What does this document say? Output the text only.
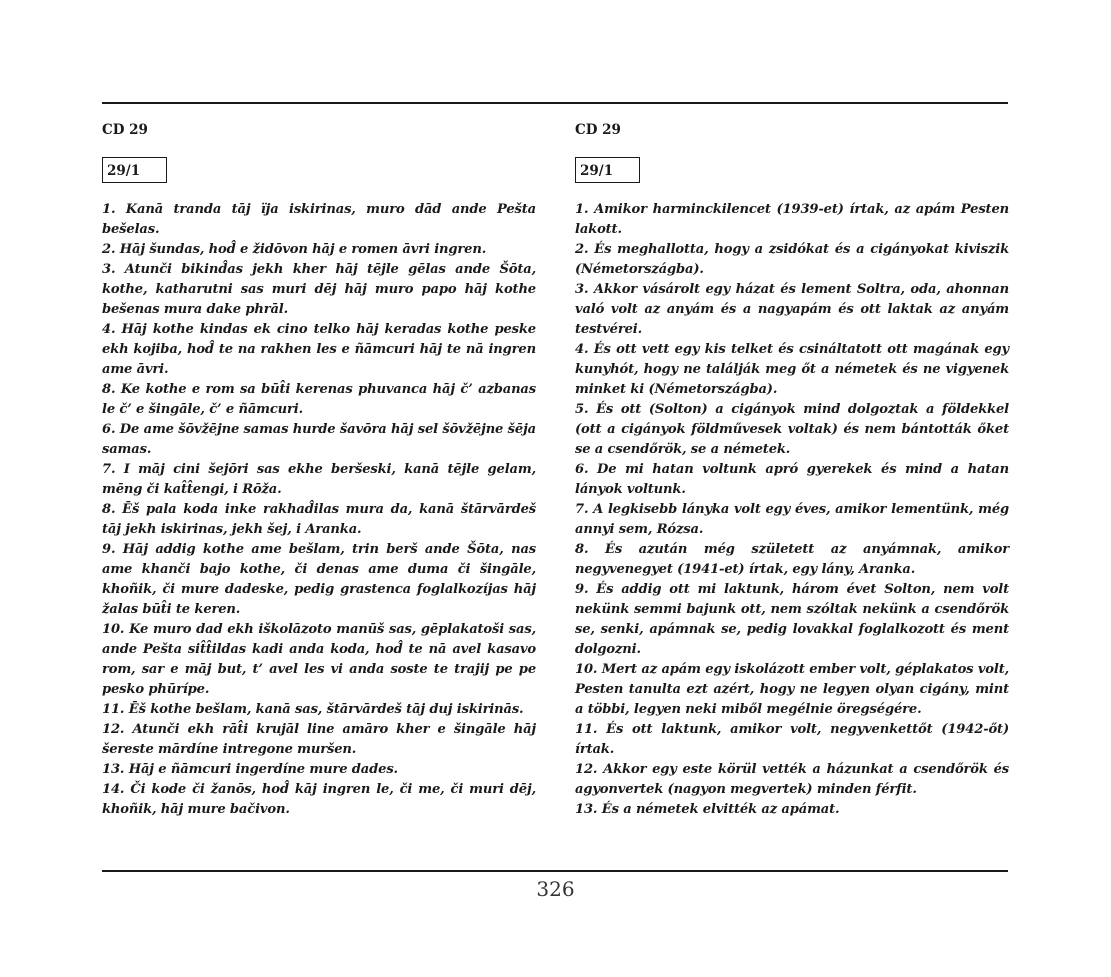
CD 29
29/1

1. Kanā tranda tāj ïja iskirinas, muro dād ande Pešta bešelas.

2. Hāj šundas, hod̂ e židōvon hāj e romen āvri ingren.

3. Atunči bikind̂as jekh kher hāj tējle gēlas ande Šōta, kothe, katharutni sas muri dēj hāj muro papo hāj kothe bešenas mura dake phrāl.

4. Hāj kothe kindas ek cino telko hāj keradas kothe peske ekh kojiba, hod̂ te na rakhen les e ñāmcuri hāj te nā ingren ame āvri.

8. Ke kothe e rom sa būt̂i kerenas phuvanca hāj č’ azbanas le č’ e šingāle, č’ e ñāmcuri.

6. De ame šōvžējne samas hurde šavōra hāj sel šōvžējne šēja samas.

7. I māj cini šejōri sas ekhe beršeski, kanā tējle gelam, mēng či kat̂t̂engi, i Rōža.

8. Ēš pala koda inke rakhad̂ilas mura da, kanā štārvārdeš tāj jekh iskirinas, jekh šej, i Aranka.

9. Hāj addig kothe ame bešlam, trin berš ande Šōta, nas ame khanči bajo kothe, či denas ame duma či šingāle, khoñik, či mure dadeske, pedig grastenca foglalkozíjas hāj žalas būt̂i te keren.

10. Ke muro dad ekh iškolāzoto manūš sas, gēplakatoši sas, ande Pešta sit̂t̂ildas kadi anda koda, hod̂ te nā avel kasavo rom, sar e māj but, t’ avel les vi anda soste te trajij pe pe pesko phūrípe.

11. Ēš kothe bešlam, kanā sas, štārvārdeš tāj duj iskirinās.

12. Atunči ekh rāt̂i krujāl line amāro kher e šingāle hāj šereste mārdíne intregone muršen.

13. Hāj e ñāmcuri ingerdíne mure dades.

14. Či kode či žanōs, hod̂ kāj ingren le, či me, či muri dēj, khoñik, hāj mure bačivon.

CD 29
29/1

1. Amikor harminckilencet (1939-et) írtak, az apám Pesten lakott.

2. És meghallotta, hogy a zsidókat és a cigányokat kiviszik (Németországba).

3. Akkor vásárolt egy házat és lement Soltra, oda, ahonnan való volt az anyám és a nagyapám és ott laktak az anyám testvérei.

4. És ott vett egy kis telket és csináltatott ott magának egy kunyhót, hogy ne találják meg őt a németek és ne vigyenek minket ki (Németországba).

5. És ott (Solton) a cigányok mind dolgoztak a földekkel (ott a cigányok földművesek voltak) és nem bántották őket se a csendőrök, se a németek.

6. De mi hatan voltunk apró gyerekek és mind a hatan lányok voltunk.

7. A legkisebb lányka volt egy éves, amikor lementünk, még annyi sem, Rózsa.

8. És azután még született az anyámnak, amikor negyvenegyet (1941-et) írtak, egy lány, Aranka.

9. És addig ott mi laktunk, három évet Solton, nem volt nekünk semmi bajunk ott, nem szóltak nekünk a csendőrök se, senki, apámnak se, pedig lovakkal foglalkozott és ment dolgozni.

10. Mert az apám egy iskolázott ember volt, géplakatos volt, Pesten tanulta ezt azért, hogy ne legyen olyan cigány, mint a többi, legyen neki miből megélnie öregségére.

11. És ott laktunk, amikor volt, negyvenkettőt (1942-őt) írtak.

12. Akkor egy este körül vették a házunkat a csendőrök és agyonvertek (nagyon megvertek) minden férfit.

13. És a németek elvitték az apámat.

326
